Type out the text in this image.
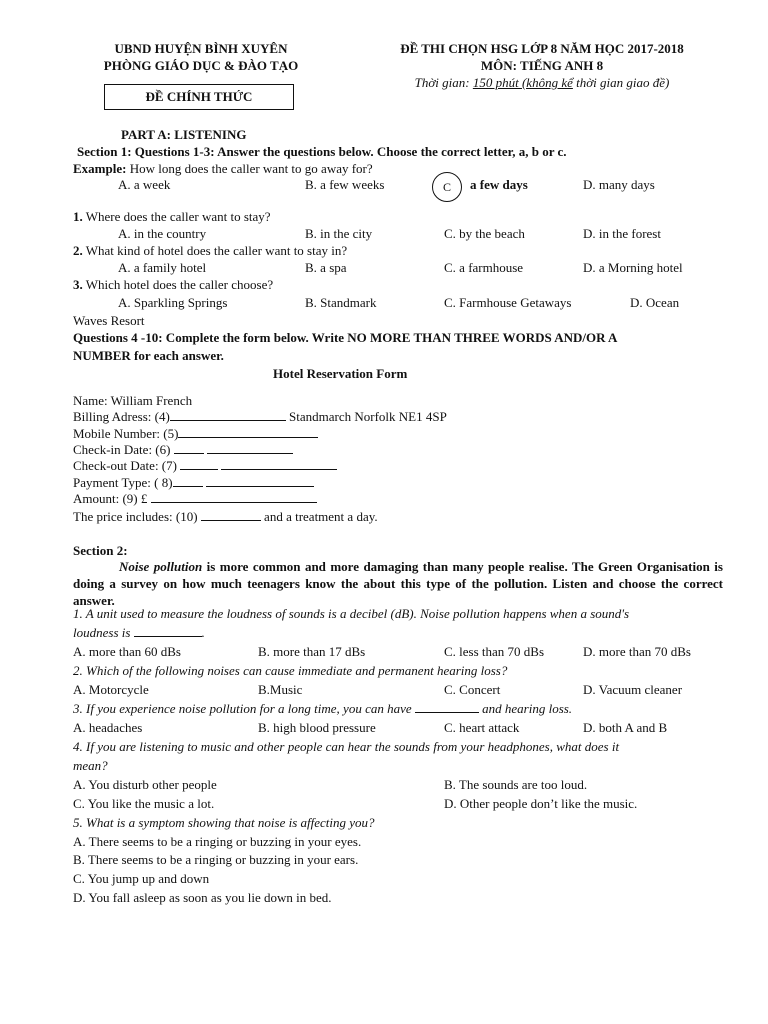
UBND HUYỆN BÌNH XUYÊN
PHÒNG GIÁO DỤC & ĐÀO TẠO
ĐỀ CHÍNH THỨC
ĐỀ THI CHỌN HSG LỚP 8 NĂM HỌC 2017-2018
MÔN: TIẾNG ANH 8
Thời gian: 150 phút (không kể thời gian giao đề)
PART A: LISTENING
Section 1: Questions 1-3: Answer the questions below. Choose the correct letter, a, b or c.
Example: How long does the caller want to go away for?
A. a week	B. a few weeks	C	a few days	D. many days
1. Where does the caller want to stay?
A. in the country	B. in the city	C. by the beach	D. in the forest
2. What kind of hotel does the caller want to stay in?
A. a family hotel	B. a spa	C. a farmhouse	D. a Morning hotel
3. Which hotel does the caller choose?
A. Sparkling Springs	B. Standmark	C. Farmhouse Getaways	D. Ocean
Waves Resort
Questions 4 -10: Complete the form below. Write NO MORE THAN THREE WORDS AND/OR A
NUMBER for each answer.
Hotel Reservation Form
Name: William French
Billing Adress: (4)	Standmarch Norfolk NE1 4SP
Mobile Number: (5)
Check-in Date: (6)
Check-out Date: (7)
Payment Type: ( 8)
Amount: (9) £
The price includes: (10)	and a treatment a day.
Section 2:
Noise pollution is more common and more damaging than many people realise. The Green Organisation is doing a survey on how much teenagers know the about this type of the pollution. Listen and choose the correct answer.
1. A unit used to measure the loudness of sounds is a decibel (dB). Noise pollution happens when a sound's
loudness is	.
A. more than 60 dBs	B. more than 17 dBs	C. less than 70 dBs	D. more than 70 dBs
2. Which of the following noises can cause immediate and permanent hearing loss?
A. Motorcycle	B.Music	C. Concert	D. Vacuum cleaner
3. If you experience noise pollution for a long time, you can have	and hearing loss.
A. headaches	B. high blood pressure	C. heart attack	D. both A and B
4. If you are listening to music and other people can hear the sounds from your headphones, what does it
mean?
A. You disturb other people	B. The sounds are too loud.
C. You like the music a lot.	D. Other people don’t like the music.
5. What is a symptom showing that noise is affecting you?
A. There seems to be a ringing or buzzing in your eyes.
B. There seems to be a ringing or buzzing in your ears.
C. You jump up and down
D. You fall asleep as soon as you lie down in bed.
